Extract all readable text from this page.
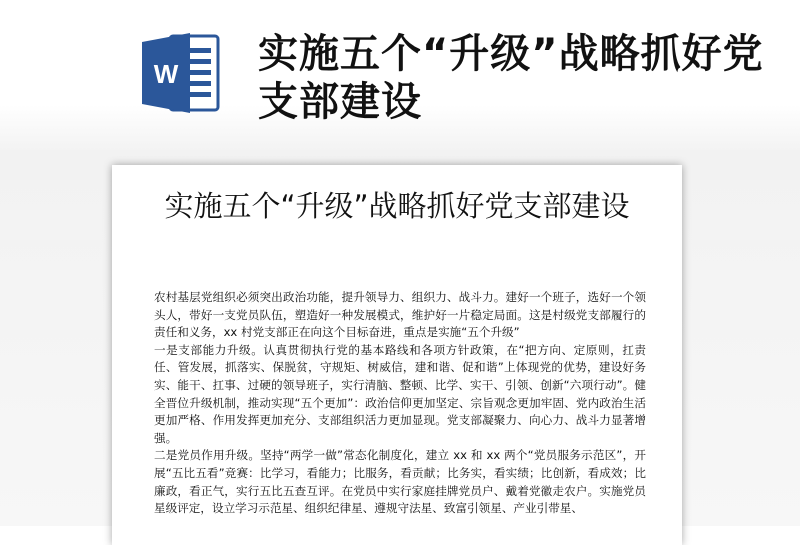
W 实施五个“升级”战略抓好党支部建设
实施五个“升级”战略抓好党支部建设

农村基层党组织必须突出政治功能，提升领导力、组织力、战斗力。建好一个班子，选好一个领头人，带好一支党员队伍，塑造好一种发展模式，维护好一片稳定局面。这是村级党支部履行的责任和义务，xx 村党支部正在向这个目标奋进，重点是实施“五个升级”

一是支部能力升级。认真贯彻执行党的基本路线和各项方针政策，在“把方向、定原则，扛责任、管发展，抓落实、保脱贫，守规矩、树威信，建和谐、促和谐”上体现党的优势，建设好务实、能干、扛事、过硬的领导班子，实行清脑、整顿、比学、实干、引领、创新“六项行动”。健全晋位升级机制，推动实现“五个更加”：政治信仰更加坚定、宗旨观念更加牢固、党内政治生活更加严格、作用发挥更加充分、支部组织活力更加显现。党支部凝聚力、向心力、战斗力显著增强。

二是党员作用升级。坚持“两学一做”常态化制度化，建立 xx 和 xx 两个“党员服务示范区”，开展“五比五看”竞赛：比学习，看能力；比服务，看贡献；比务实，看实绩；比创新，看成效；比廉政，看正气，实行五比五查互评。在党员中实行家庭挂牌党员户、戴着党徽走农户。实施党员星级评定，设立学习示范星、组织纪律星、遵规守法星、致富引领星、产业引带星、
